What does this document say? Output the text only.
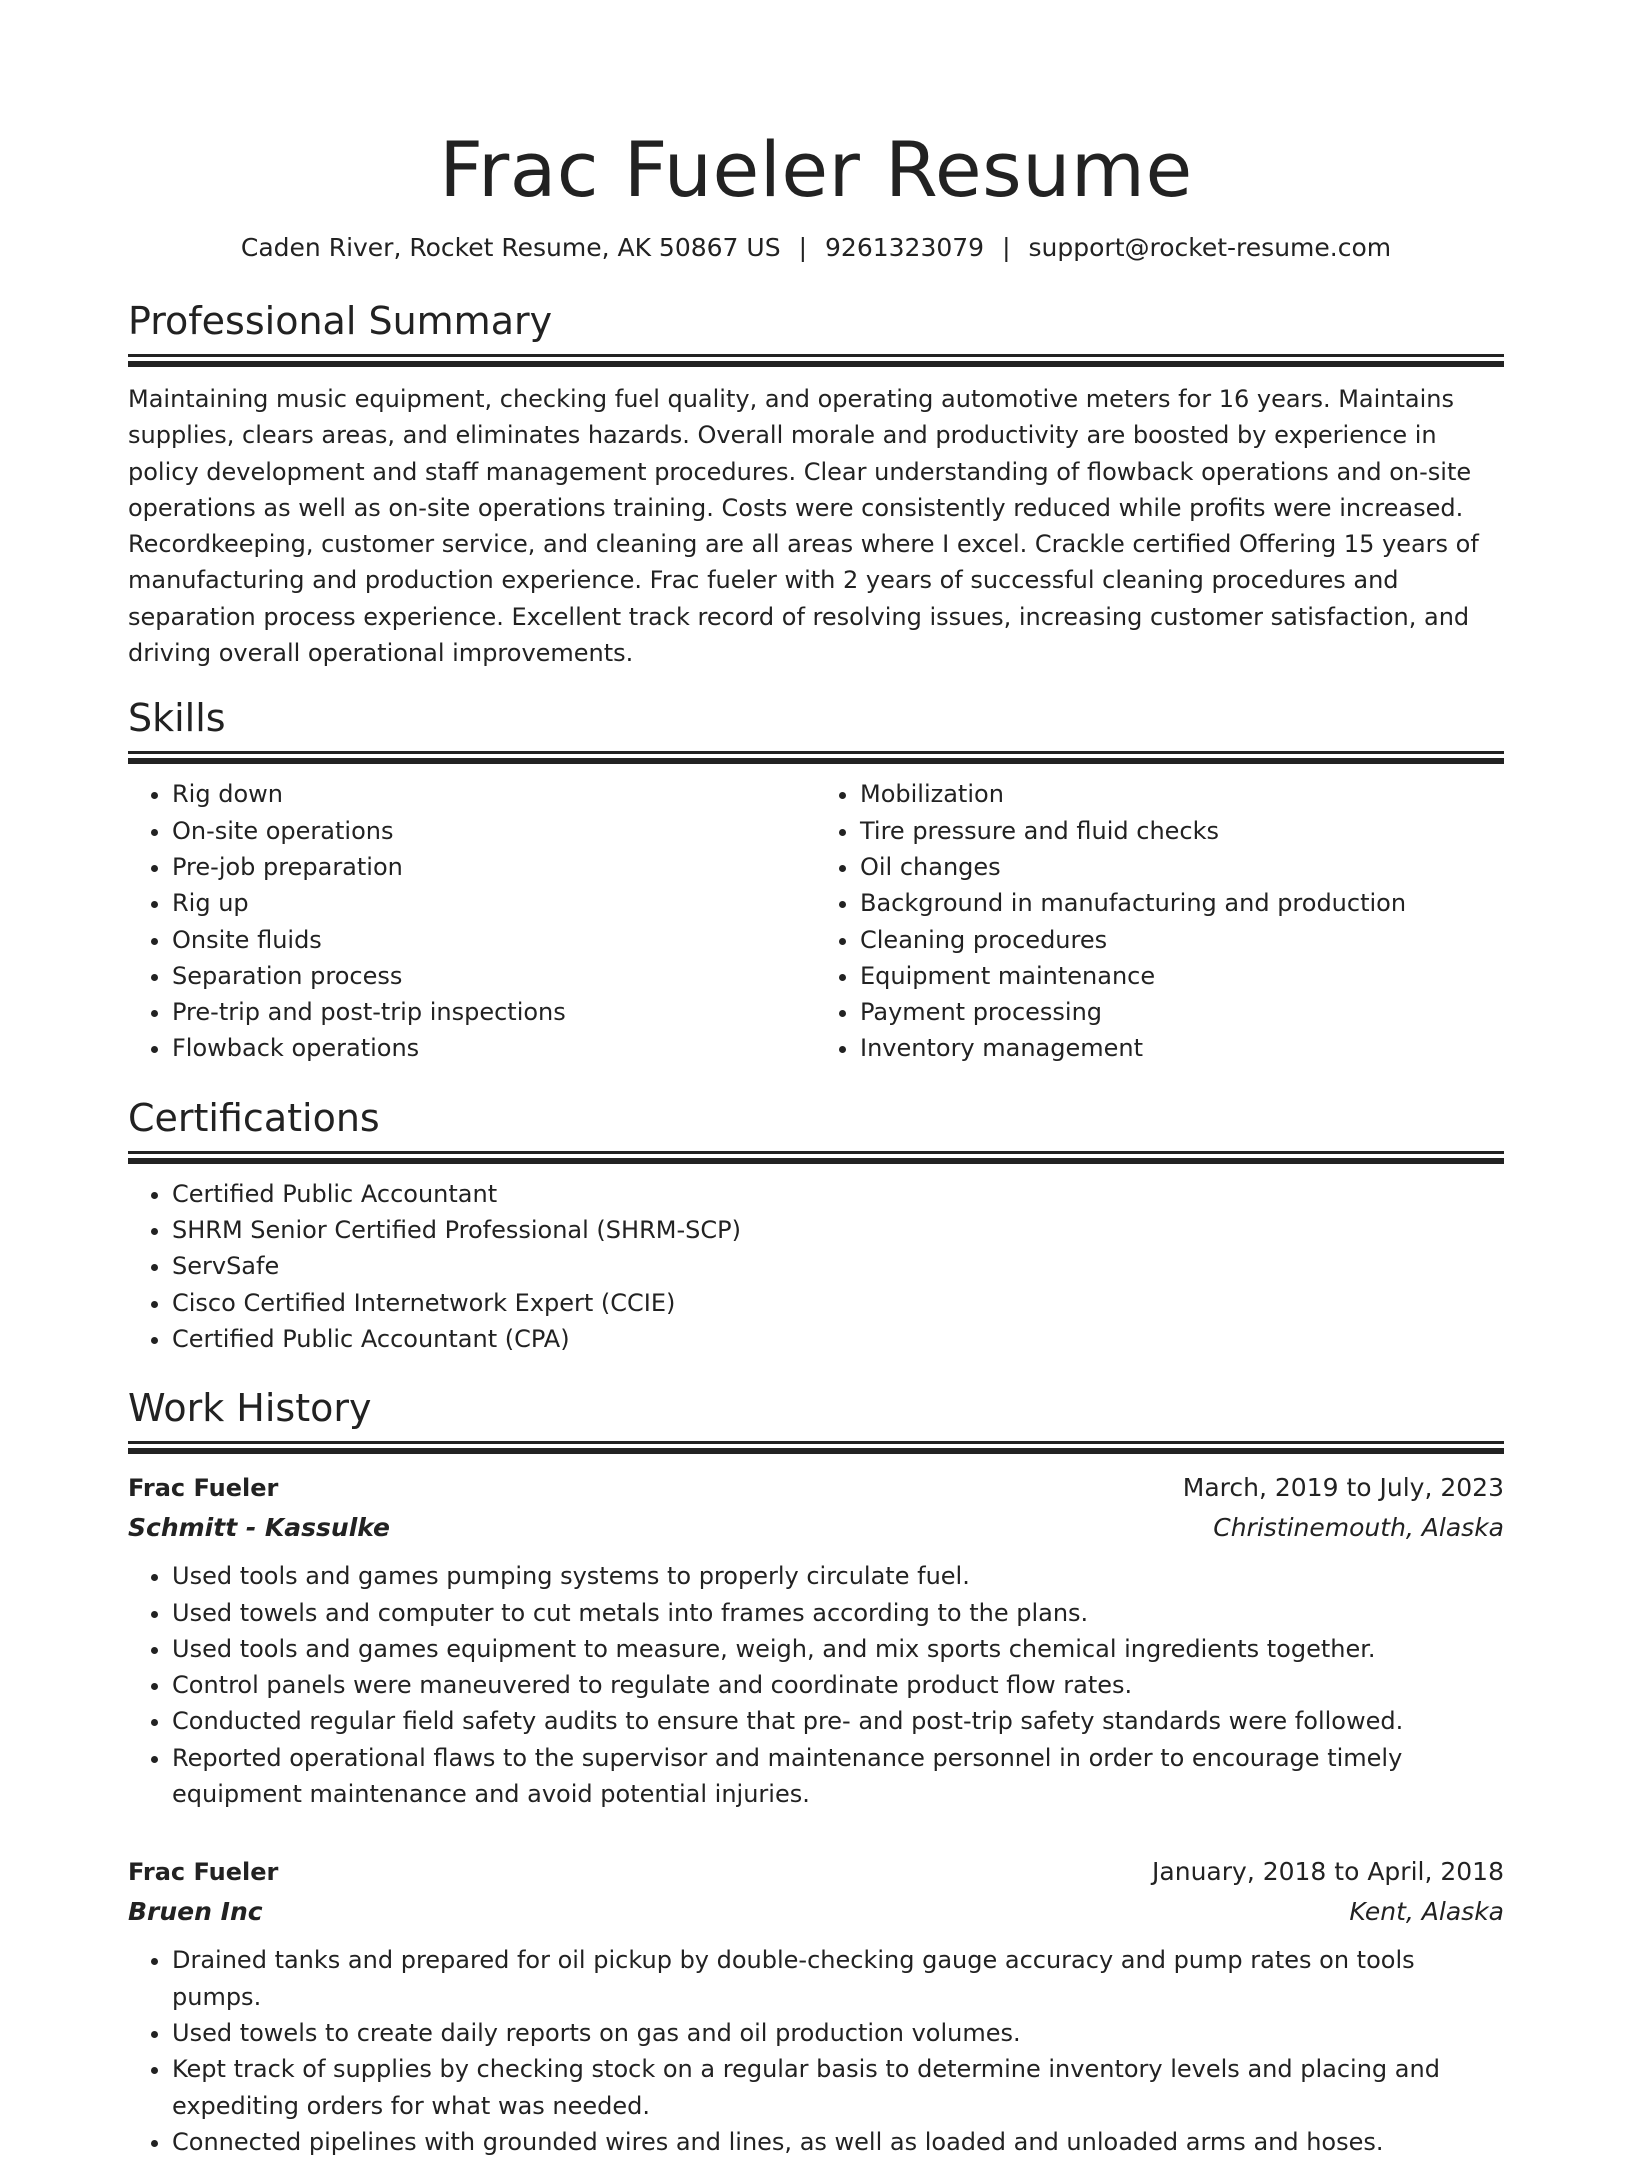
Frac Fueler Resume
Caden River, Rocket Resume, AK 50867 US | 9261323079 | support@rocket-resume.com
Professional Summary

Maintaining music equipment, checking fuel quality, and operating automotive meters for 16 years. Maintains supplies, clears areas, and eliminates hazards. Overall morale and productivity are boosted by experience in policy development and staff management procedures. Clear understanding of flowback operations and on-site operations as well as on-site operations training. Costs were consistently reduced while profits were increased. Recordkeeping, customer service, and cleaning are all areas where I excel. Crackle certified Offering 15 years of manufacturing and production experience. Frac fueler with 2 years of successful cleaning procedures and separation process experience. Excellent track record of resolving issues, increasing customer satisfaction, and driving overall operational improvements.

Skills
• Rig down
• On-site operations
• Pre-job preparation
• Rig up
• Onsite fluids
• Separation process
• Pre-trip and post-trip inspections
• Flowback operations
• Mobilization
• Tire pressure and fluid checks
• Oil changes
• Background in manufacturing and production
• Cleaning procedures
• Equipment maintenance
• Payment processing
• Inventory management
Certifications
• Certified Public Accountant
• SHRM Senior Certified Professional (SHRM-SCP)
• ServSafe
• Cisco Certified Internetwork Expert (CCIE)
• Certified Public Accountant (CPA)
Work History
Frac Fueler	March, 2019 to July, 2023
Schmitt - Kassulke	Christinemouth, Alaska
• Used tools and games pumping systems to properly circulate fuel.
• Used towels and computer to cut metals into frames according to the plans.
• Used tools and games equipment to measure, weigh, and mix sports chemical ingredients together.
• Control panels were maneuvered to regulate and coordinate product flow rates.
• Conducted regular field safety audits to ensure that pre- and post-trip safety standards were followed.
• Reported operational flaws to the supervisor and maintenance personnel in order to encourage timely equipment maintenance and avoid potential injuries.
Frac Fueler	January, 2018 to April, 2018
Bruen Inc	Kent, Alaska
• Drained tanks and prepared for oil pickup by double-checking gauge accuracy and pump rates on tools pumps.
• Used towels to create daily reports on gas and oil production volumes.
• Kept track of supplies by checking stock on a regular basis to determine inventory levels and placing and expediting orders for what was needed.
• Connected pipelines with grounded wires and lines, as well as loaded and unloaded arms and hoses.
